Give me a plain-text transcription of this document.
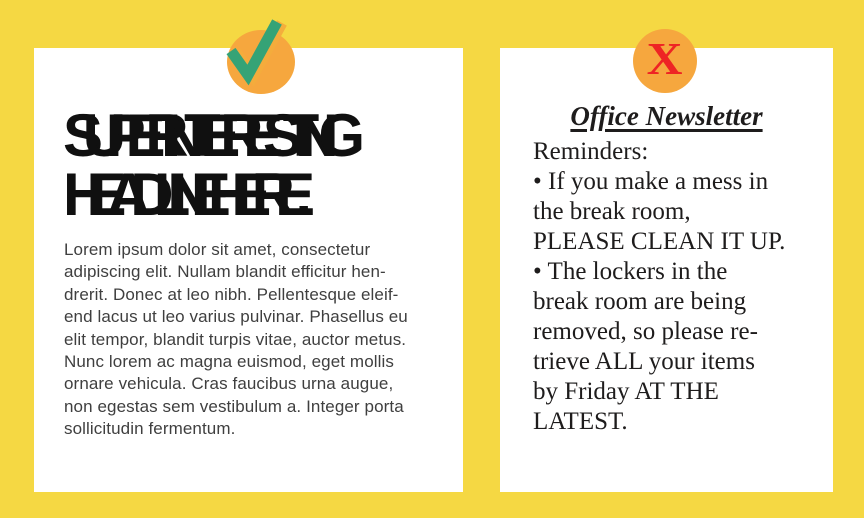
SUPER INTERESTING
HEADLINE HERE.
Lorem ipsum dolor sit amet, consectetur
adipiscing elit. Nullam blandit efficitur hen-
drerit. Donec at leo nibh. Pellentesque eleif-
end lacus ut leo varius pulvinar. Phasellus eu
elit tempor, blandit turpis vitae, auctor metus.
Nunc lorem ac magna euismod, eget mollis
ornare vehicula. Cras faucibus urna augue,
non egestas sem vestibulum a. Integer porta
sollicitudin fermentum.
Office Newsletter
Reminders:
• If you make a mess in
the break room,
PLEASE CLEAN IT UP.
• The lockers in the
break room are being
removed, so please re-
trieve ALL your items
by Friday AT THE
LATEST.
X
